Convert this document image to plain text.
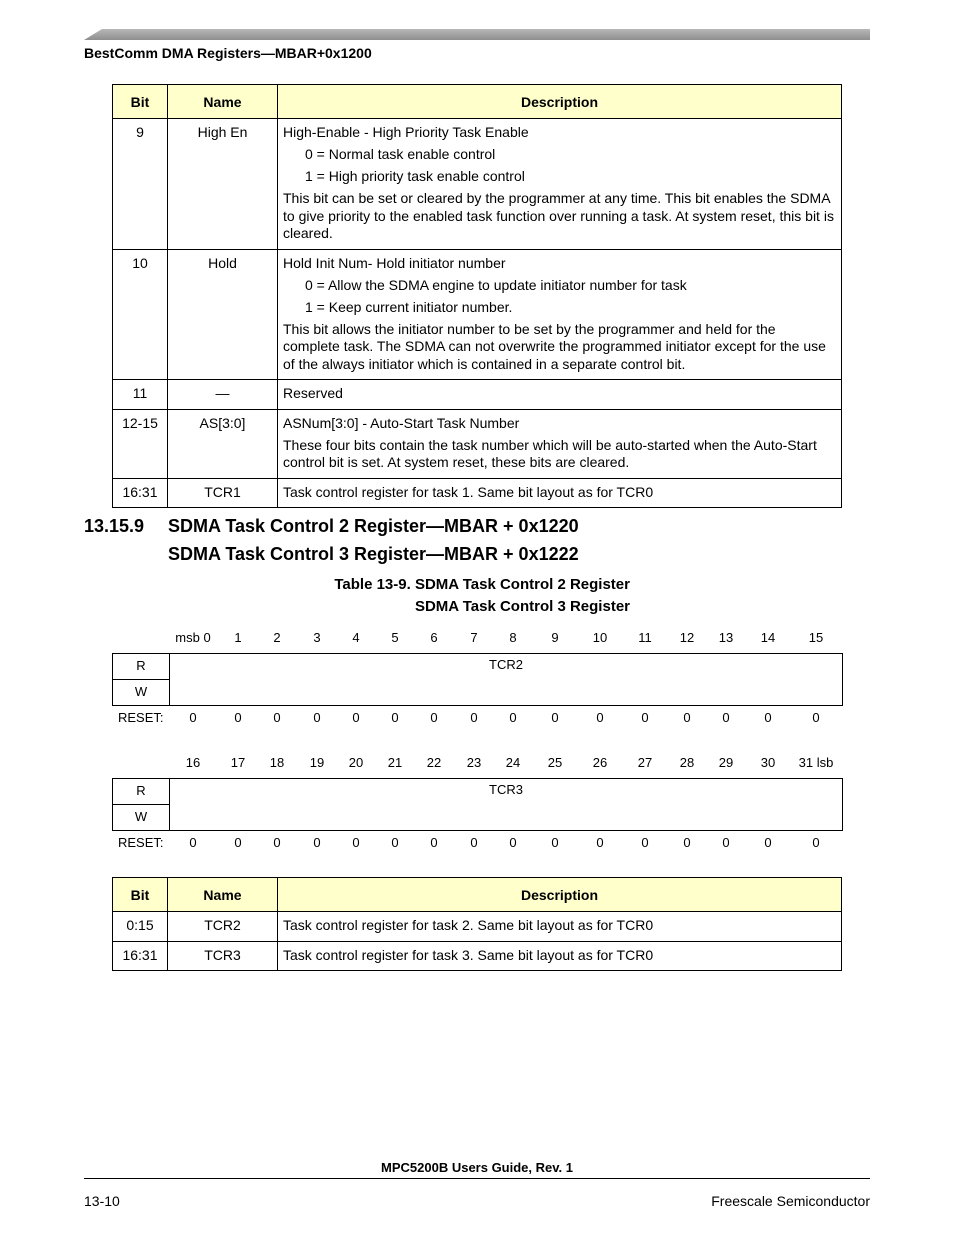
BestComm DMA Registers—MBAR+0x1200
Bit	Name	Description
9	High En	High-Enable - High Priority Task Enable
0 = Normal task enable control
1 = High priority task enable control
This bit can be set or cleared by the programmer at any time. This bit enables the SDMA to give priority to the enabled task function over running a task. At system reset, this bit is cleared.

10	Hold	Hold Init Num- Hold initiator number
0 = Allow the SDMA engine to update initiator number for task
1 = Keep current initiator number.
This bit allows the initiator number to be set by the programmer and held for the complete task. The SDMA can not overwrite the programmed initiator except for the use of the always initiator which is contained in a separate control bit.

11	—	Reserved

12-15	AS[3:0]	ASNum[3:0] - Auto-Start Task Number
These four bits contain the task number which will be auto-started when the Auto-Start control bit is set. At system reset, these bits are cleared.

16:31	TCR1	Task control register for task 1. Same bit layout as for TCR0
13.15.9 SDMA Task Control 2 Register—MBAR + 0x1220
SDMA Task Control 3 Register—MBAR + 0x1222
Table 13-9. SDMA Task Control 2 Register
SDMA Task Control 3 Register
msb 0 1 2	3 4 5 6	7 8	9	10 11 12 13 14	15
R
W
TCR2
RESET: 0	0 0	0 0 0 0	0 0	0	0	0	0 0	0	0
16 17 18 19 20 21 22 23 24 25 26 27 28 29 30 31 lsb
R
W
TCR3
RESET: 0	0 0	0 0 0 0	0 0	0	0	0	0 0	0	0
Bit	Name	Description
0:15	TCR2	Task control register for task 2. Same bit layout as for TCR0

16:31	TCR3	Task control register for task 3. Same bit layout as for TCR0
MPC5200B Users Guide, Rev. 1
13-10	Freescale Semiconductor
